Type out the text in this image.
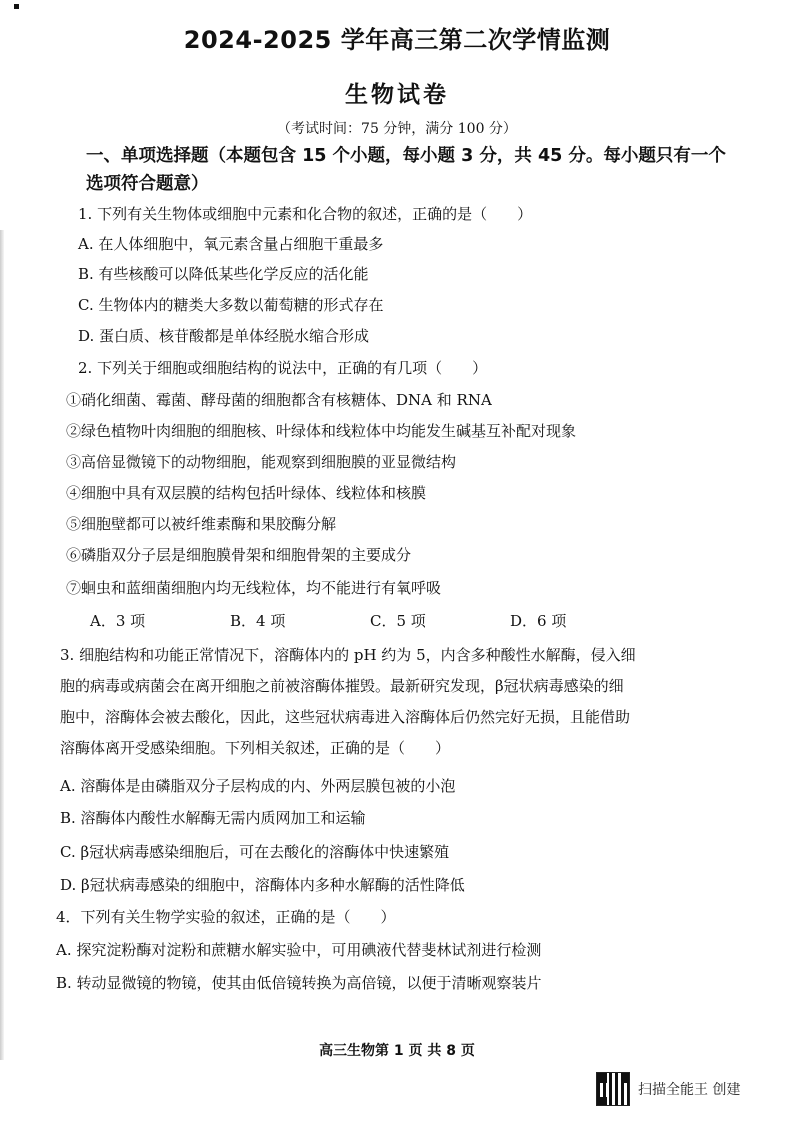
2024-2025 学年高三第二次学情监测
生物试卷
（考试时间：75 分钟，满分 100 分）
一、单项选择题（本题包含 15 个小题，每小题 3 分，共 45 分。每小题只有一个选项符合题意）
1. 下列有关生物体或细胞中元素和化合物的叙述，正确的是（　　）
A. 在人体细胞中，氧元素含量占细胞干重最多
B. 有些核酸可以降低某些化学反应的活化能
C. 生物体内的糖类大多数以葡萄糖的形式存在
D. 蛋白质、核苷酸都是单体经脱水缩合形成
2. 下列关于细胞或细胞结构的说法中，正确的有几项（　　）
①硝化细菌、霉菌、酵母菌的细胞都含有核糖体、DNA 和 RNA
②绿色植物叶肉细胞的细胞核、叶绿体和线粒体中均能发生碱基互补配对现象
③高倍显微镜下的动物细胞，能观察到细胞膜的亚显微结构
④细胞中具有双层膜的结构包括叶绿体、线粒体和核膜
⑤细胞壁都可以被纤维素酶和果胶酶分解
⑥磷脂双分子层是细胞膜骨架和细胞骨架的主要成分
⑦蛔虫和蓝细菌细胞内均无线粒体，均不能进行有氧呼吸
A．3 项	B．4 项	C．5 项	D．6 项
3. 细胞结构和功能正常情况下，溶酶体内的 pH 约为 5，内含多种酸性水解酶，侵入细
胞的病毒或病菌会在离开细胞之前被溶酶体摧毁。最新研究发现，β冠状病毒感染的细
胞中，溶酶体会被去酸化，因此，这些冠状病毒进入溶酶体后仍然完好无损，且能借助
溶酶体离开受感染细胞。下列相关叙述，正确的是（　　）
A. 溶酶体是由磷脂双分子层构成的内、外两层膜包被的小泡
B. 溶酶体内酸性水解酶无需内质网加工和运输
C. β冠状病毒感染细胞后，可在去酸化的溶酶体中快速繁殖
D. β冠状病毒感染的细胞中，溶酶体内多种水解酶的活性降低
4．下列有关生物学实验的叙述，正确的是（　　）
A. 探究淀粉酶对淀粉和蔗糖水解实验中，可用碘液代替斐林试剂进行检测
B. 转动显微镜的物镜，使其由低倍镜转换为高倍镜，以便于清晰观察装片
高三生物第 1 页 共 8 页
扫描全能王 创建
